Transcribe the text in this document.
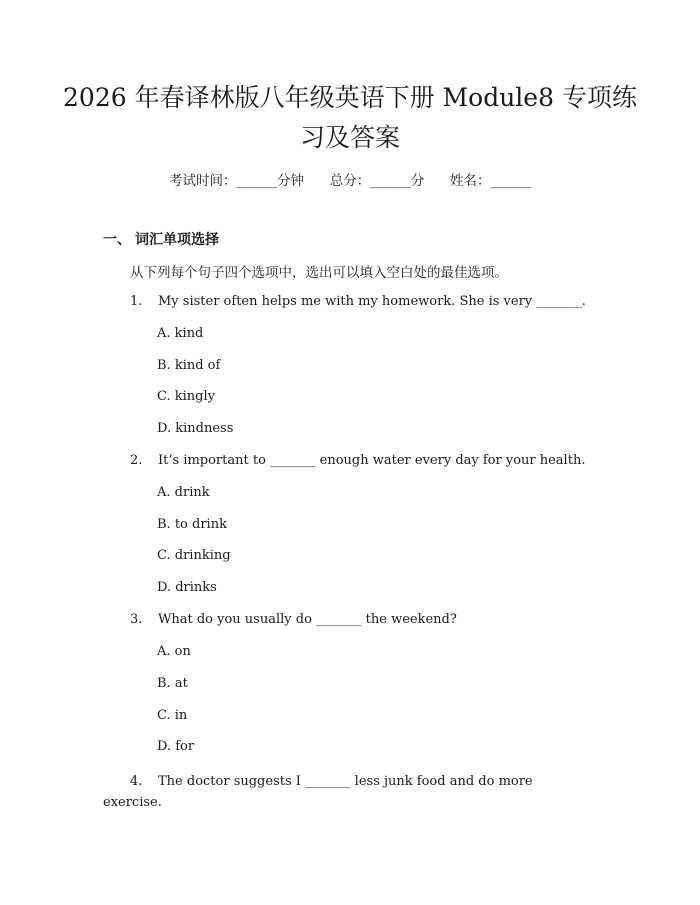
2026 年春译林版八年级英语下册 Module8 专项练习及答案
考试时间：______分钟      总分：______分      姓名：______
一、 词汇单项选择
从下列每个句子四个选项中，选出可以填入空白处的最佳选项。
1. My sister often helps me with my homework. She is very _______.
A. kind
B. kind of
C. kingly
D. kindness
2. It’s important to _______ enough water every day for your health.
A. drink
B. to drink
C. drinking
D. drinks
3. What do you usually do _______ the weekend?
A. on
B. at
C. in
D. for
4. The doctor suggests I _______ less junk food and do more exercise.
